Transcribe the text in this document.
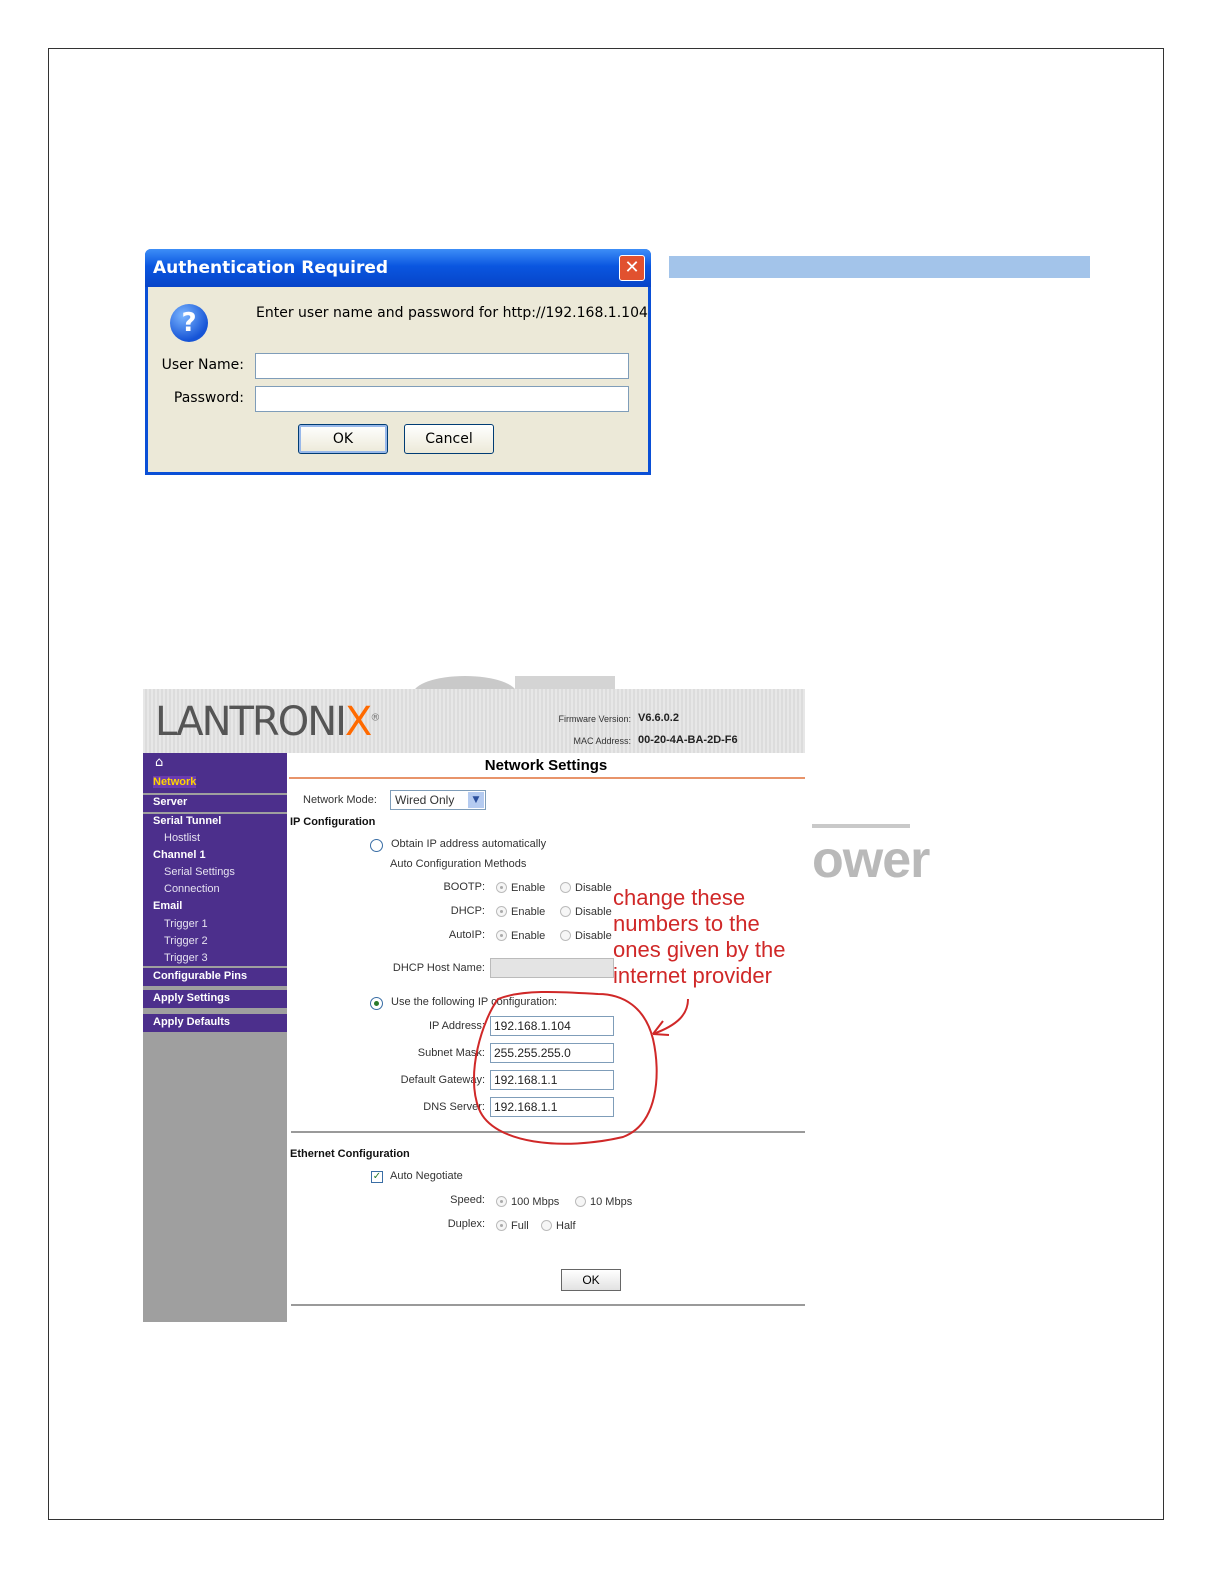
Authentication Required	✕
?	Enter user name and password for http://192.168.1.104
User Name:
Password:
OK	Cancel
ower
LANTRONIX®	Firmware Version: V6.6.0.2
MAC Address: 00-20-4A-BA-2D-F6
⌂
Network
Server
Serial Tunnel
Hostlist
Channel 1
Serial Settings
Connection
Email
Trigger 1
Trigger 2
Trigger 3
Configurable Pins
Apply Settings
Apply Defaults
Network Settings
Network Mode:	Wired Only	▼
IP Configuration
Obtain IP address automatically
Auto Configuration Methods
BOOTP: Enable	Disable
DHCP: Enable	Disable
AutoIP: Enable	Disable
DHCP Host Name:
Use the following IP configuration:
IP Address: 192.168.1.104
Subnet Mask: 255.255.255.0
Default Gateway: 192.168.1.1
DNS Server: 192.168.1.1
Ethernet Configuration
✓ Auto Negotiate
Speed: 100 Mbps	10 Mbps
Duplex: Full Half
OK
change these
numbers to the
ones given by the
internet provider
